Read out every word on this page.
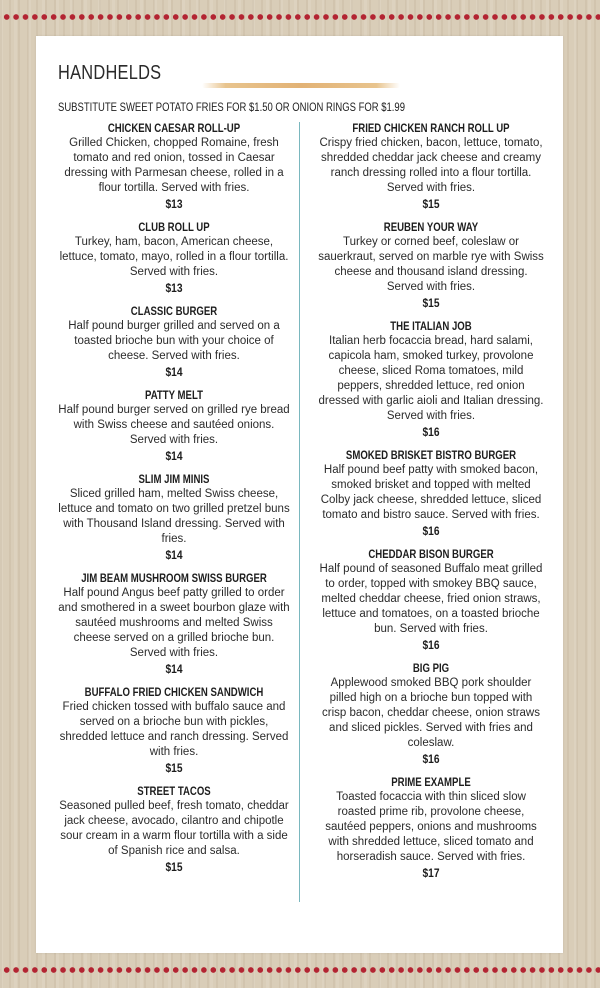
HANDHELDS
SUBSTITUTE SWEET POTATO FRIES FOR $1.50 OR ONION RINGS FOR $1.99
CHICKEN CAESAR ROLL-UP
Grilled Chicken, chopped Romaine, fresh tomato and red onion, tossed in Caesar dressing with Parmesan cheese, rolled in a flour tortilla. Served with fries.
$13
CLUB ROLL UP
Turkey, ham, bacon, American cheese, lettuce, tomato, mayo, rolled in a flour tortilla. Served with fries.
$13
CLASSIC BURGER
Half pound burger grilled and served on a toasted brioche bun with your choice of cheese. Served with fries.
$14
PATTY MELT
Half pound burger served on grilled rye bread with Swiss cheese and sautéed onions. Served with fries.
$14
SLIM JIM MINIS
Sliced grilled ham, melted Swiss cheese, lettuce and tomato on two grilled pretzel buns with Thousand Island dressing. Served with fries.
$14
JIM BEAM MUSHROOM SWISS BURGER
Half pound Angus beef patty grilled to order and smothered in a sweet bourbon glaze with sautéed mushrooms and melted Swiss cheese served on a grilled brioche bun. Served with fries.
$14
BUFFALO FRIED CHICKEN SANDWICH
Fried chicken tossed with buffalo sauce and served on a brioche bun with pickles, shredded lettuce and ranch dressing. Served with fries.
$15
STREET TACOS
Seasoned pulled beef, fresh tomato, cheddar jack cheese, avocado, cilantro and chipotle sour cream in a warm flour tortilla with a side of Spanish rice and salsa.
$15
FRIED CHICKEN RANCH ROLL UP
Crispy fried chicken, bacon, lettuce, tomato, shredded cheddar jack cheese and creamy ranch dressing rolled into a flour tortilla. Served with fries.
$15
REUBEN YOUR WAY
Turkey or corned beef, coleslaw or sauerkraut, served on marble rye with Swiss cheese and thousand island dressing. Served with fries.
$15
THE ITALIAN JOB
Italian herb focaccia bread, hard salami, capicola ham, smoked turkey, provolone cheese, sliced Roma tomatoes, mild peppers, shredded lettuce, red onion dressed with garlic aioli and Italian dressing. Served with fries.
$16
SMOKED BRISKET BISTRO BURGER
Half pound beef patty with smoked bacon, smoked brisket and topped with melted Colby jack cheese, shredded lettuce, sliced tomato and bistro sauce. Served with fries.
$16
CHEDDAR BISON BURGER
Half pound of seasoned Buffalo meat grilled to order, topped with smokey BBQ sauce, melted cheddar cheese, fried onion straws, lettuce and tomatoes, on a toasted brioche bun. Served with fries.
$16
BIG PIG
Applewood smoked BBQ pork shoulder pilled high on a brioche bun topped with crisp bacon, cheddar cheese, onion straws and sliced pickles. Served with fries and coleslaw.
$16
PRIME EXAMPLE
Toasted focaccia with thin sliced slow roasted prime rib, provolone cheese, sautéed peppers, onions and mushrooms with shredded lettuce, sliced tomato and horseradish sauce. Served with fries.
$17
